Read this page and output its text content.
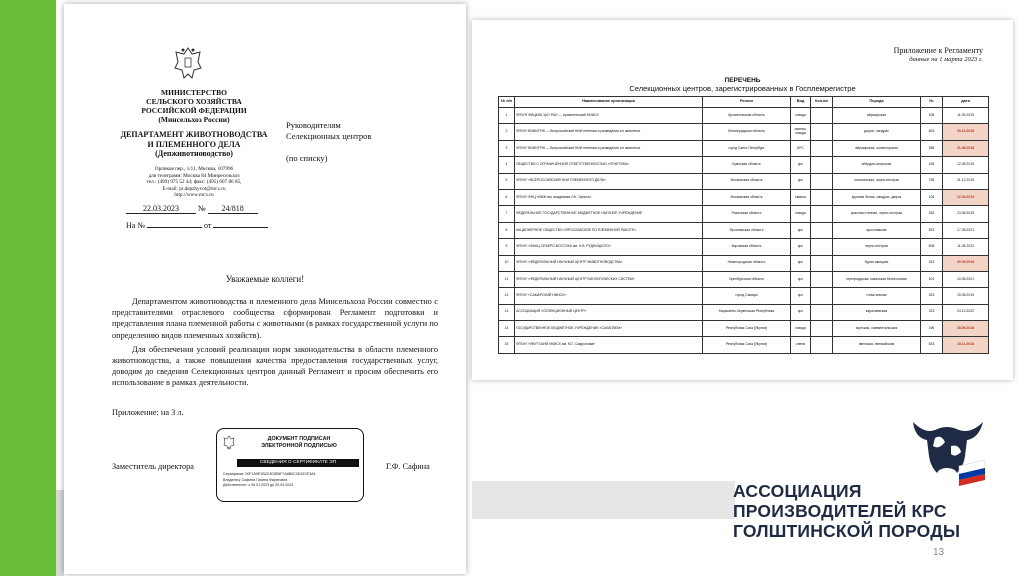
МИНИСТЕРСТВО
СЕЛЬСКОГО ХОЗЯЙСТВА
РОССИЙСКОЙ ФЕДЕРАЦИИ
(Минсельхоз России)
ДЕПАРТАМЕНТ ЖИВОТНОВОДСТВА
И ПЛЕМЕННОГО ДЕЛА
(Депживотноводство)
Орликов пер., 1/11, Москва, 107996
для телеграмм: Москва 84 Минресельхоз
тел.: (499) 975 52 44; факс: (495) 607 86 85,
E-mail: pr.depzhyvot@mcx.ru
http://www.mcx.ru
22.03.2023 № 24/818
На №	от
Руководителям
Селекционных центров
(по списку)
Уважаемые коллеги!

Департаментом животноводства и племенного дела Минсельхоза России совместно с представителями отраслевого сообщества сформирован Регламент подготовки и представления плана племенной работы с животными (в рамках государственной услуги по определению видов племенных хозяйств).

Для обеспечения условий реализации норм законодательства в области племенного животноводства, а также повышения качества предоставления государственных услуг, доводим до сведения Селекционных центров данный Регламент и просим обеспечить его использование в рамках деятельности.

Приложение: на 3 л.
Заместитель директора	Г.Ф. Сафина
ДОКУМЕНТ ПОДПИСАН
ЭЛЕКТРОННОЙ ПОДПИСЬЮ
СВЕДЕНИЯ О СЕРТИФИКАТЕ ЭП
Сертификат: 00F1A9E1B2C4D5E6F7A8B9C0D1E2F3A4
Владелец: Сафина Галина Фаритовна
Действителен: с 06.01.2023 до 20.04.2024
Приложение к Регламенту
данные на 1 марта 2023 г.
ПЕРЕЧЕНЬ
Селекционных центров, зарегистрированных в Госплемрегистре
№ п/п	Наименование организации	Регион	Вид	Кол-во	Порода	№	дата
1	ФГБУН ФИЦКИА УрО РАН — Архангельский НИИСХ	Архангельская область	говяда		айрширская	108	11.05.2019
2	ФГБНУ ВНИИГРЖ — Всероссийский НИИ генетики и разведения с/х животных	Ленинградская область	свиньи, говяда		дюрок, ландрас	603	29.12.2018
3	ФГБНУ ВНИИГРЖ — Всероссийский НИИ генетики и разведения с/х животных	город Санкт-Петербург	КРС		айрширская, холмогорская	286	21.06.2018
4	ОБЩЕСТВО С ОГРАНИЧЕННОЙ ОТВЕТСТВЕННОСТЬЮ «ГЕНЕТИКА»	Брянская область	крс		абердин-ангусская	168	12.08.2019
5	ФГБНУ «ВСЕРОССИЙСКИЙ НИИ ПЛЕМЕННОГО ДЕЛА»	Московская область	крс		голштинская, черно-пестрая	738	31.12.2019
6	ФГБНУ ФНЦ «ВИЖ им. академика Л.К. Эрнста»	Московская область	свиньи		крупная белая, ландрас, дюрок	108	12.04.2019
7	ФЕДЕРАЛЬНОЕ ГОСУДАРСТВЕННОЕ БЮДЖЕТНОЕ НАУЧНОЕ УЧРЕЖДЕНИЕ	Рязанская область	говяда		красная степная, черно-пестрая	333	23.06.2019
8	АКЦИОНЕРНОЕ ОБЩЕСТВО «ЯРОСЛАВСКОЕ ПО ПЛЕМЕННОЙ РАБОТЕ»	Ярославская область	крс		ярославская	523	17.08.2021
9	ФГБНУ «ФАНЦ СЕВЕРО-ВОСТОКА им. Н.В. РУДНИЦКОГО»	Кировская область	крс		черно-пестрая	608	11.08.2023
10	ФГБНУ «ФЕДЕРАЛЬНЫЙ НАУЧНЫЙ ЦЕНТР ЖИВОТНОВОДСТВА»	Нижегородская область	крс		бурая швицкая	323	29.09.2018
11	ФГБНУ «ФЕДЕРАЛЬНЫЙ НАУЧНЫЙ ЦЕНТР БИОЛОГИЧЕСКИХ СИСТЕМ»	Оренбургская область	крс		герефордская, казахская белоголовая	201	10.06.2021
12	ФГБНУ «САМАРСКИЙ НИИСХ»	город Самара	крс		голштинская	323	15.06.2019
13	АССОЦИАЦИЯ «СЕЛЕКЦИОННЫЙ ЦЕНТР»	Карачаево-Черкесская Республика	крс		карачаевская	323	24.12.2022
14	ГОСУДАРСТВЕННОЕ БЮДЖЕТНОЕ УЧРЕЖДЕНИЕ «САХАПЛЕМ»	Республика Саха (Якутия)	говяда		якутская, симментальская	196	28.06.2018
15	ФГБНУ «ЯКУТСКИЙ НИИСХ им. М.Г. Сафронова»	Республика Саха (Якутия)	олени		эвенская, эвенкийская	523	15.11.2018
АССОЦИАЦИЯ
ПРОИЗВОДИТЕЛЕЙ КРС
ГОЛШТИНСКОЙ ПОРОДЫ
13
